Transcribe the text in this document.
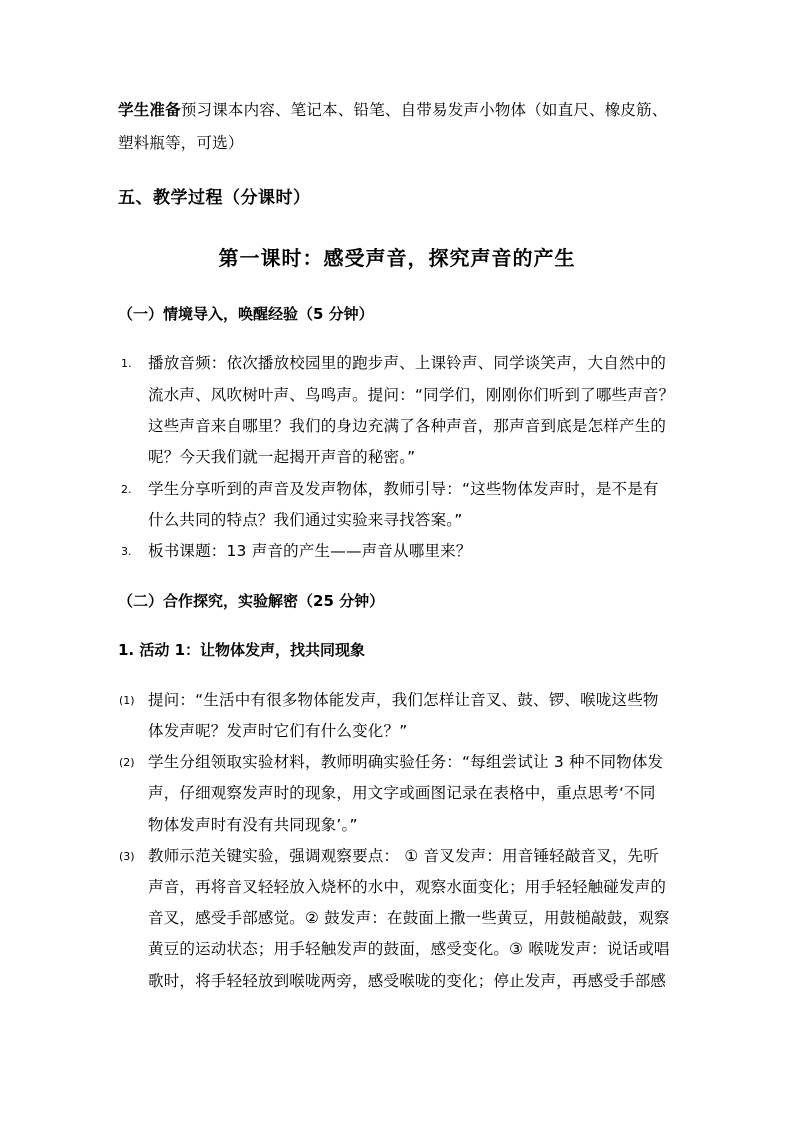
学生准备预习课本内容、笔记本、铅笔、自带易发声小物体（如直尺、橡皮筋、
塑料瓶等，可选）
五、教学过程（分课时）
第一课时：感受声音，探究声音的产生
（一）情境导入，唤醒经验（5 分钟）
1. 播放音频：依次播放校园里的跑步声、上课铃声、同学谈笑声，大自然中的
流水声、风吹树叶声、鸟鸣声。提问：“同学们，刚刚你们听到了哪些声音？
这些声音来自哪里？我们的身边充满了各种声音，那声音到底是怎样产生的
呢？今天我们就一起揭开声音的秘密。”
2. 学生分享听到的声音及发声物体，教师引导：“这些物体发声时，是不是有
什么共同的特点？我们通过实验来寻找答案。”
3. 板书课题：13 声音的产生——声音从哪里来？
（二）合作探究，实验解密（25 分钟）
1. 活动 1：让物体发声，找共同现象
(1) 提问：“生活中有很多物体能发声，我们怎样让音叉、鼓、锣、喉咙这些物
体发声呢？发声时它们有什么变化？”
(2) 学生分组领取实验材料，教师明确实验任务：“每组尝试让 3 种不同物体发
声，仔细观察发声时的现象，用文字或画图记录在表格中，重点思考‘不同
物体发声时有没有共同现象’。”
(3) 教师示范关键实验，强调观察要点： ① 音叉发声：用音锤轻敲音叉，先听
声音，再将音叉轻轻放入烧杯的水中，观察水面变化；用手轻轻触碰发声的
音叉，感受手部感觉。② 鼓发声：在鼓面上撒一些黄豆，用鼓槌敲鼓，观察
黄豆的运动状态；用手轻触发声的鼓面，感受变化。③ 喉咙发声：说话或唱
歌时，将手轻轻放到喉咙两旁，感受喉咙的变化；停止发声，再感受手部感
